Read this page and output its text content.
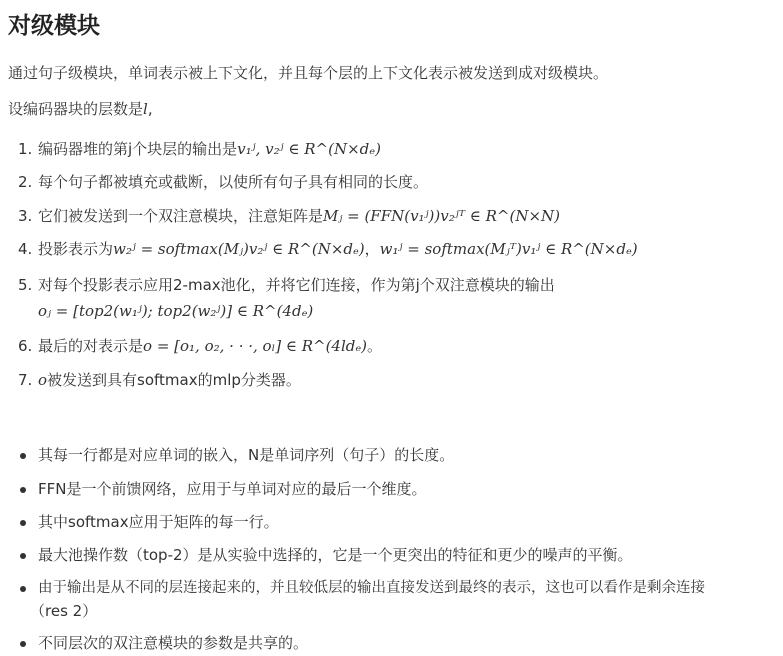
对级模块

通过句子级模块，单词表示被上下文化，并且每个层的上下文化表示被发送到成对级模块。

设编码器块的层数是l,

1. 编码器堆的第j个块层的输出是v₁ʲ, v₂ʲ ∈ R^(N×dₑ)
2. 每个句子都被填充或截断，以使所有句子具有相同的长度。
3. 它们被发送到一个双注意模块，注意矩阵是Mⱼ = (FFN(v₁ʲ))v₂ʲᵀ ∈ R^(N×N)
4. 投影表示为w₂ʲ = softmax(Mⱼ)v₂ʲ ∈ R^(N×dₑ)，w₁ʲ = softmax(Mⱼᵀ)v₁ʲ ∈ R^(N×dₑ)
5. 对每个投影表示应用2-max池化，并将它们连接，作为第j个双注意模块的输出
oⱼ = [top2(w₁ʲ); top2(w₂ʲ)] ∈ R^(4dₑ)
6. 最后的对表示是o = [o₁, o₂, · · ·, oₗ] ∈ R^(4ldₑ)。
7. o被发送到具有softmax的mlp分类器。
其每一行都是对应单词的嵌入，N是单词序列（句子）的长度。
FFN是一个前馈网络，应用于与单词对应的最后一个维度。
其中softmax应用于矩阵的每一行。
最大池操作数（top-2）是从实验中选择的，它是一个更突出的特征和更少的噪声的平衡。
由于输出是从不同的层连接起来的，并且较低层的输出直接发送到最终的表示，这也可以看作是剩余连接
（res 2）
不同层次的双注意模块的参数是共享的。
